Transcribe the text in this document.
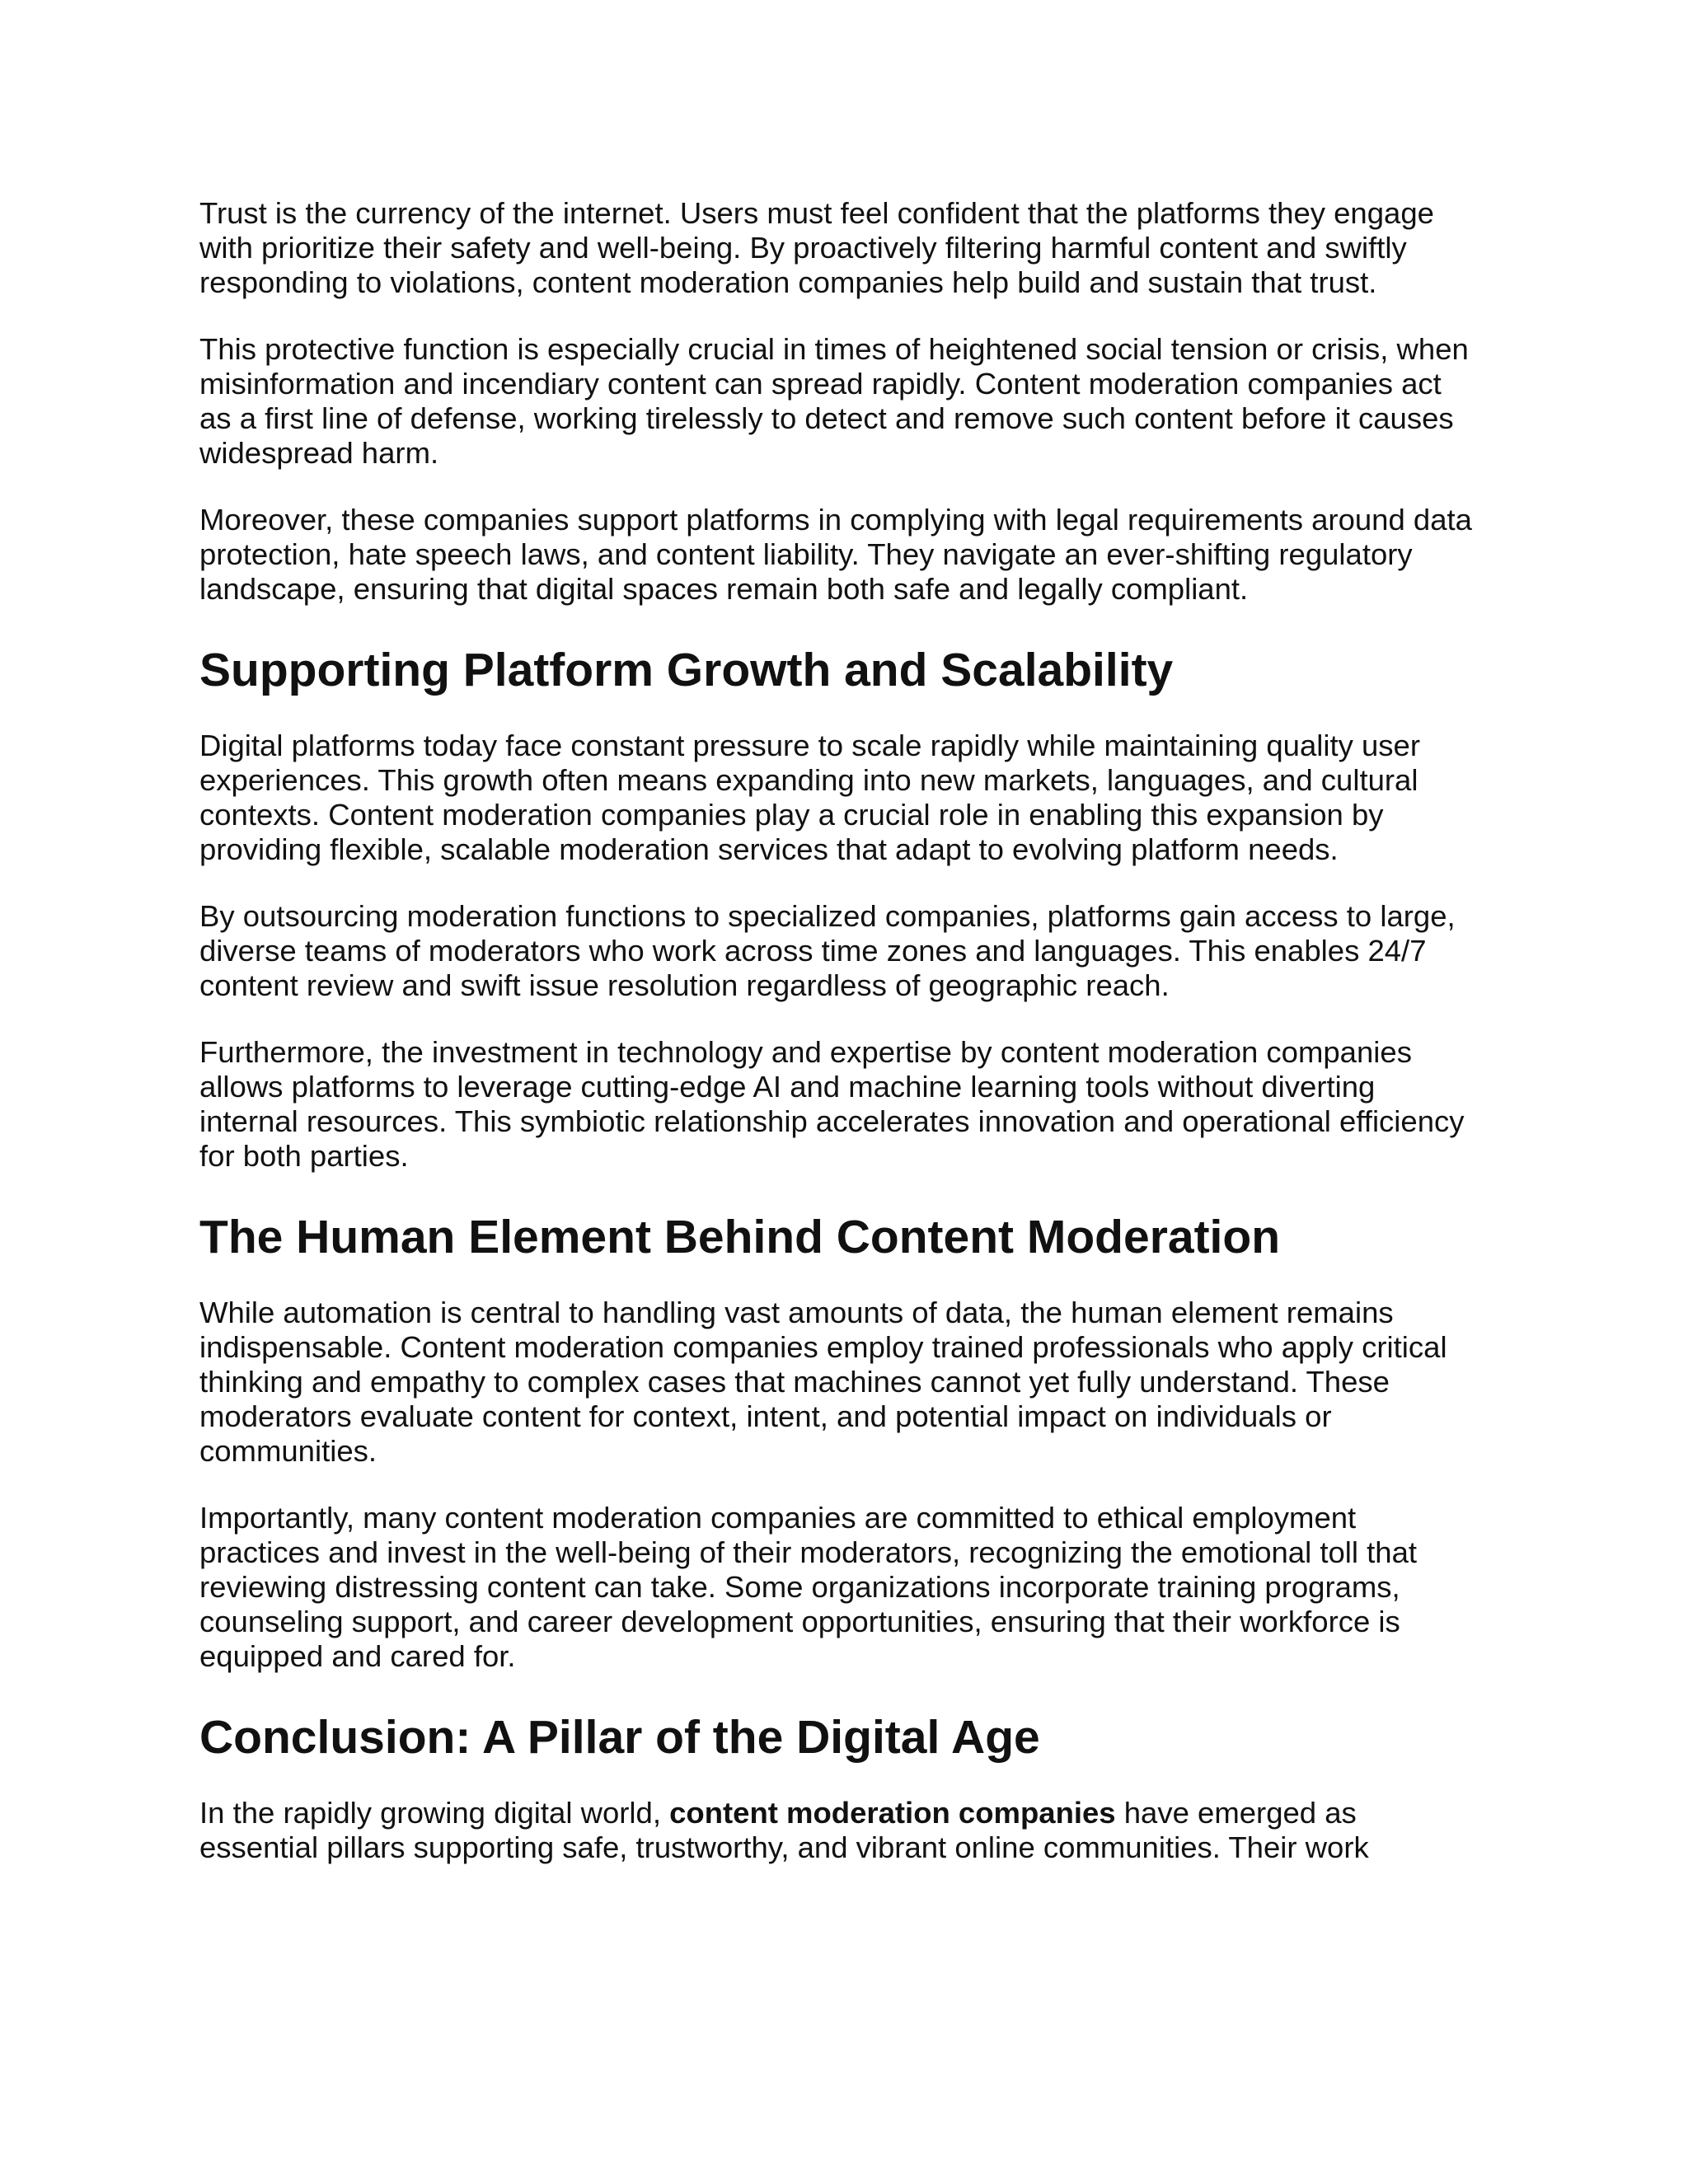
Trust is the currency of the internet. Users must feel confident that the platforms they engage
with prioritize their safety and well-being. By proactively filtering harmful content and swiftly
responding to violations, content moderation companies help build and sustain that trust.

This protective function is especially crucial in times of heightened social tension or crisis, when
misinformation and incendiary content can spread rapidly. Content moderation companies act
as a first line of defense, working tirelessly to detect and remove such content before it causes
widespread harm.

Moreover, these companies support platforms in complying with legal requirements around data
protection, hate speech laws, and content liability. They navigate an ever-shifting regulatory
landscape, ensuring that digital spaces remain both safe and legally compliant.

Supporting Platform Growth and Scalability

Digital platforms today face constant pressure to scale rapidly while maintaining quality user
experiences. This growth often means expanding into new markets, languages, and cultural
contexts. Content moderation companies play a crucial role in enabling this expansion by
providing flexible, scalable moderation services that adapt to evolving platform needs.

By outsourcing moderation functions to specialized companies, platforms gain access to large,
diverse teams of moderators who work across time zones and languages. This enables 24/7
content review and swift issue resolution regardless of geographic reach.

Furthermore, the investment in technology and expertise by content moderation companies
allows platforms to leverage cutting-edge AI and machine learning tools without diverting
internal resources. This symbiotic relationship accelerates innovation and operational efficiency
for both parties.

The Human Element Behind Content Moderation

While automation is central to handling vast amounts of data, the human element remains
indispensable. Content moderation companies employ trained professionals who apply critical
thinking and empathy to complex cases that machines cannot yet fully understand. These
moderators evaluate content for context, intent, and potential impact on individuals or
communities.

Importantly, many content moderation companies are committed to ethical employment
practices and invest in the well-being of their moderators, recognizing the emotional toll that
reviewing distressing content can take. Some organizations incorporate training programs,
counseling support, and career development opportunities, ensuring that their workforce is
equipped and cared for.

Conclusion: A Pillar of the Digital Age

In the rapidly growing digital world, content moderation companies have emerged as
essential pillars supporting safe, trustworthy, and vibrant online communities. Their work
